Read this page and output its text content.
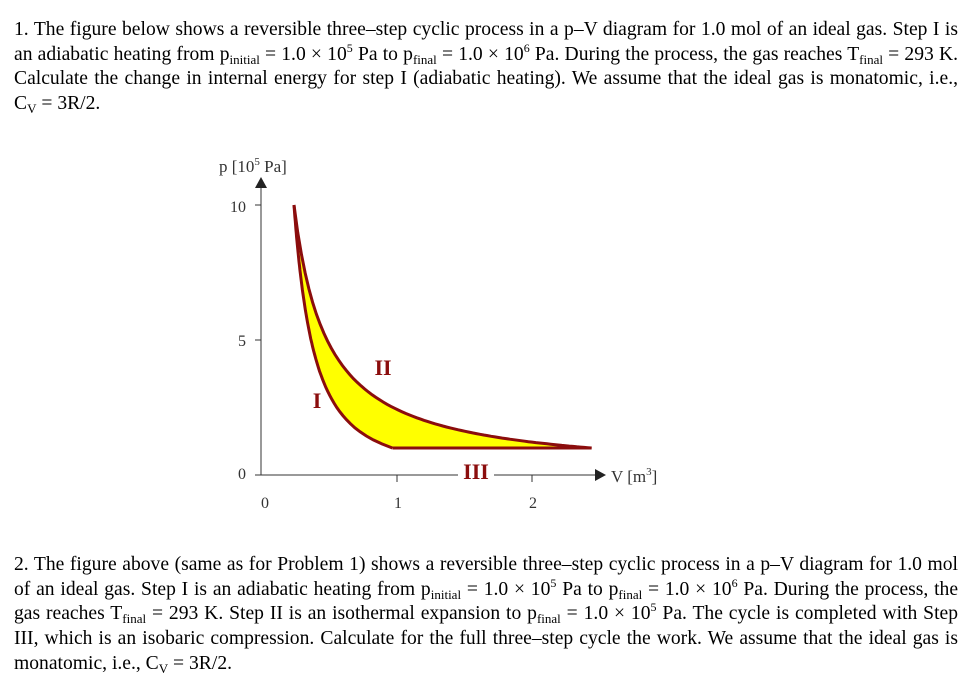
1. The figure below shows a reversible three–step cyclic process in a p–V diagram for 1.0 mol of an ideal gas. Step I is an adiabatic heating from $p_{initial} = 1.0 \times 10^5$ Pa to $p_{final} = 1.0 \times 10^6$ Pa. During the process, the gas reaches $T_{final} = 293$ K. Calculate the change in internal energy for step I (adiabatic heating). We assume that the ideal gas is monatomic, i.e., $C_V = 3R/2$.
0
5
10
p [$10^5$ Pa]
0	1	2
V $[m^3]$
I
II
III
2. The figure above (same as for Problem 1) shows a reversible three–step cyclic process in a p–V diagram for 1.0 mol of an ideal gas. Step I is an adiabatic heating from $p_{initial} = 1.0 \times 10^5$ Pa to $p_{final} = 1.0 \times 10^6$ Pa. During the process, the gas reaches $T_{final} = 293$ K. Step II is an isothermal expansion to $p_{final} = 1.0 \times 10^5$ Pa. The cycle is completed with Step III, which is an isobaric compression. Calculate for the full three–step cycle the work. We assume that the ideal gas is monatomic, i.e., $C_V = 3R/2$.
